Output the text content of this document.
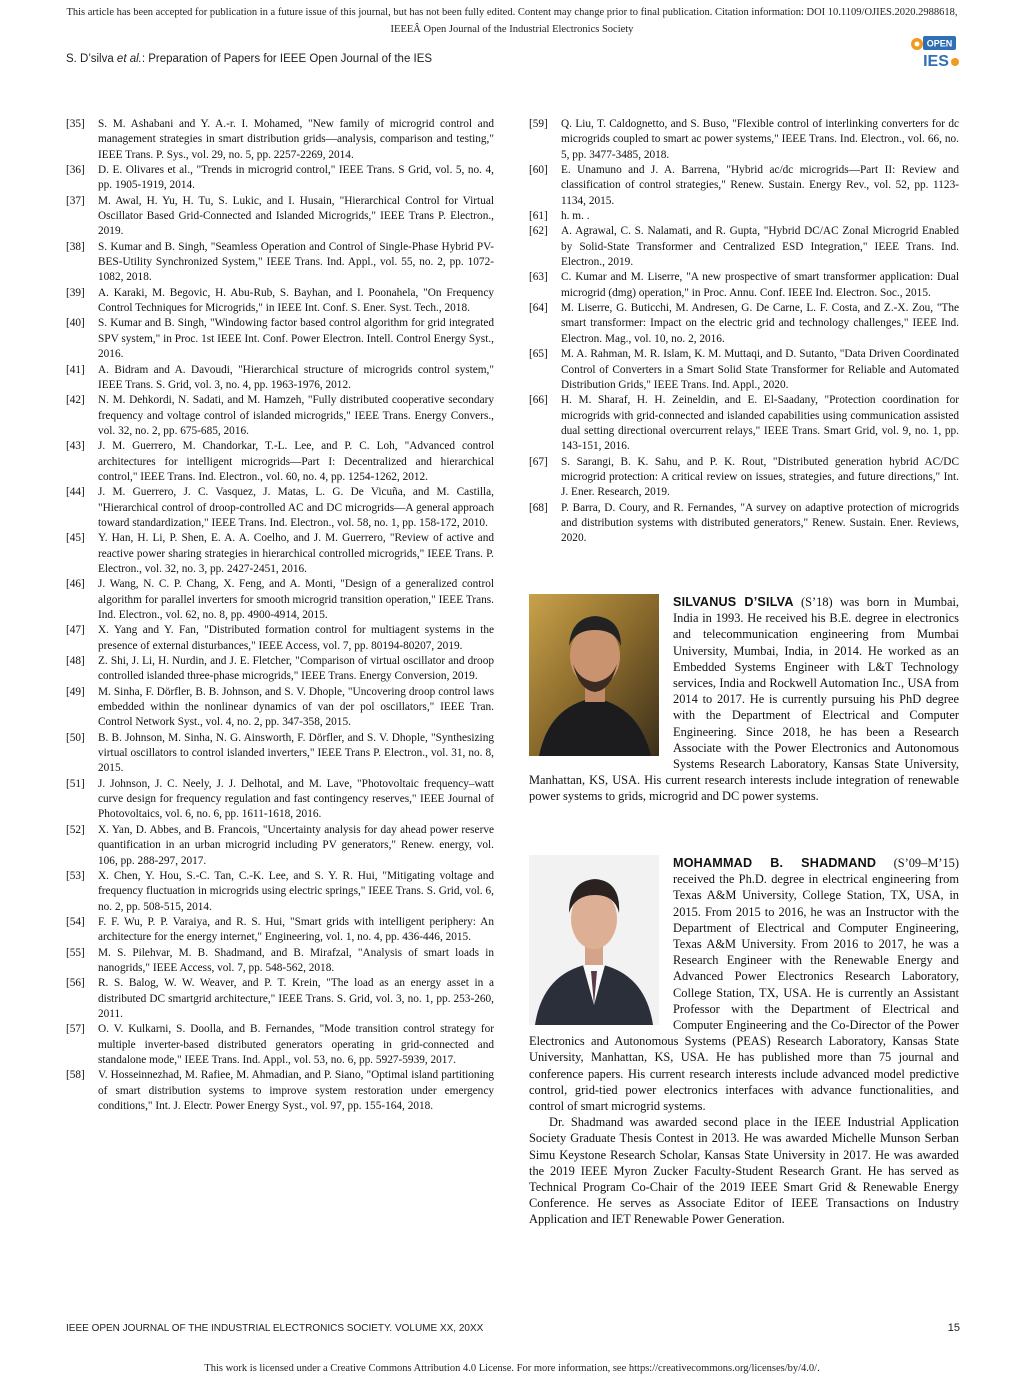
This article has been accepted for publication in a future issue of this journal, but has not been fully edited. Content may change prior to final publication. Citation information: DOI 10.1109/OJIES.2020.2988618,
IEEEÂ Open Journal of the Industrial Electronics Society
S. D’silva et al.: Preparation of Papers for IEEE Open Journal of the IES
OPEN
IES
[35]	S. M. Ashabani and Y. A.-r. I. Mohamed, "New family of microgrid control and management strategies in smart distribution grids—analysis, comparison and testing," IEEE Trans. P. Sys., vol. 29, no. 5, pp. 2257-2269, 2014.
[36]	D. E. Olivares et al., "Trends in microgrid control," IEEE Trans. S Grid, vol. 5, no. 4, pp. 1905-1919, 2014.
[37]	M. Awal, H. Yu, H. Tu, S. Lukic, and I. Husain, "Hierarchical Control for Virtual Oscillator Based Grid-Connected and Islanded Microgrids," IEEE Trans P. Electron., 2019.
[38]	S. Kumar and B. Singh, "Seamless Operation and Control of Single-Phase Hybrid PV-BES-Utility Synchronized System," IEEE Trans. Ind. Appl., vol. 55, no. 2, pp. 1072-1082, 2018.
[39]	A. Karaki, M. Begovic, H. Abu-Rub, S. Bayhan, and I. Poonahela, "On Frequency Control Techniques for Microgrids," in IEEE Int. Conf. S. Ener. Syst. Tech., 2018.
[40]	S. Kumar and B. Singh, "Windowing factor based control algorithm for grid integrated SPV system," in Proc. 1st IEEE Int. Conf. Power Electron. Intell. Control Energy Syst., 2016.
[41]	A. Bidram and A. Davoudi, "Hierarchical structure of microgrids control system," IEEE Trans. S. Grid, vol. 3, no. 4, pp. 1963-1976, 2012.
[42]	N. M. Dehkordi, N. Sadati, and M. Hamzeh, "Fully distributed cooperative secondary frequency and voltage control of islanded microgrids," IEEE Trans. Energy Convers., vol. 32, no. 2, pp. 675-685, 2016.
[43]	J. M. Guerrero, M. Chandorkar, T.-L. Lee, and P. C. Loh, "Advanced control architectures for intelligent microgrids—Part I: Decentralized and hierarchical control," IEEE Trans. Ind. Electron., vol. 60, no. 4, pp. 1254-1262, 2012.
[44]	J. M. Guerrero, J. C. Vasquez, J. Matas, L. G. De Vicuña, and M. Castilla, "Hierarchical control of droop-controlled AC and DC microgrids—A general approach toward standardization," IEEE Trans. Ind. Electron., vol. 58, no. 1, pp. 158-172, 2010.
[45]	Y. Han, H. Li, P. Shen, E. A. A. Coelho, and J. M. Guerrero, "Review of active and reactive power sharing strategies in hierarchical controlled microgrids," IEEE Trans. P. Electron., vol. 32, no. 3, pp. 2427-2451, 2016.
[46]	J. Wang, N. C. P. Chang, X. Feng, and A. Monti, "Design of a generalized control algorithm for parallel inverters for smooth microgrid transition operation," IEEE Trans. Ind. Electron., vol. 62, no. 8, pp. 4900-4914, 2015.
[47]	X. Yang and Y. Fan, "Distributed formation control for multiagent systems in the presence of external disturbances," IEEE Access, vol. 7, pp. 80194-80207, 2019.
[48]	Z. Shi, J. Li, H. Nurdin, and J. E. Fletcher, "Comparison of virtual oscillator and droop controlled islanded three-phase microgrids," IEEE Trans. Energy Conversion, 2019.
[49]	M. Sinha, F. Dörfler, B. B. Johnson, and S. V. Dhople, "Uncovering droop control laws embedded within the nonlinear dynamics of van der pol oscillators," IEEE Tran. Control Network Syst., vol. 4, no. 2, pp. 347-358, 2015.
[50]	B. B. Johnson, M. Sinha, N. G. Ainsworth, F. Dörfler, and S. V. Dhople, "Synthesizing virtual oscillators to control islanded inverters," IEEE Trans P. Electron., vol. 31, no. 8, 2015.
[51]	J. Johnson, J. C. Neely, J. J. Delhotal, and M. Lave, "Photovoltaic frequency–watt curve design for frequency regulation and fast contingency reserves," IEEE Journal of Photovoltaics, vol. 6, no. 6, pp. 1611-1618, 2016.
[52]	X. Yan, D. Abbes, and B. Francois, "Uncertainty analysis for day ahead power reserve quantification in an urban microgrid including PV generators," Renew. energy, vol. 106, pp. 288-297, 2017.
[53]	X. Chen, Y. Hou, S.-C. Tan, C.-K. Lee, and S. Y. R. Hui, "Mitigating voltage and frequency fluctuation in microgrids using electric springs," IEEE Trans. S. Grid, vol. 6, no. 2, pp. 508-515, 2014.
[54]	F. F. Wu, P. P. Varaiya, and R. S. Hui, "Smart grids with intelligent periphery: An architecture for the energy internet," Engineering, vol. 1, no. 4, pp. 436-446, 2015.
[55]	M. S. Pilehvar, M. B. Shadmand, and B. Mirafzal, "Analysis of smart loads in nanogrids," IEEE Access, vol. 7, pp. 548-562, 2018.
[56]	R. S. Balog, W. W. Weaver, and P. T. Krein, "The load as an energy asset in a distributed DC smartgrid architecture," IEEE Trans. S. Grid, vol. 3, no. 1, pp. 253-260, 2011.
[57]	O. V. Kulkarni, S. Doolla, and B. Fernandes, "Mode transition control strategy for multiple inverter-based distributed generators operating in grid-connected and standalone mode," IEEE Trans. Ind. Appl., vol. 53, no. 6, pp. 5927-5939, 2017.
[58]	V. Hosseinnezhad, M. Rafiee, M. Ahmadian, and P. Siano, "Optimal island partitioning of smart distribution systems to improve system restoration under emergency conditions," Int. J. Electr. Power Energy Syst., vol. 97, pp. 155-164, 2018.
[59]	Q. Liu, T. Caldognetto, and S. Buso, "Flexible control of interlinking converters for dc microgrids coupled to smart ac power systems," IEEE Trans. Ind. Electron., vol. 66, no. 5, pp. 3477-3485, 2018.
[60]	E. Unamuno and J. A. Barrena, "Hybrid ac/dc microgrids—Part II: Review and classification of control strategies," Renew. Sustain. Energy Rev., vol. 52, pp. 1123-1134, 2015.
[61]	h. m. .
[62]	A. Agrawal, C. S. Nalamati, and R. Gupta, "Hybrid DC/AC Zonal Microgrid Enabled by Solid-State Transformer and Centralized ESD Integration," IEEE Trans. Ind. Electron., 2019.
[63]	C. Kumar and M. Liserre, "A new prospective of smart transformer application: Dual microgrid (dmg) operation," in Proc. Annu. Conf. IEEE Ind. Electron. Soc., 2015.
[64]	M. Liserre, G. Buticchi, M. Andresen, G. De Carne, L. F. Costa, and Z.-X. Zou, "The smart transformer: Impact on the electric grid and technology challenges," IEEE Ind. Electron. Mag., vol. 10, no. 2, 2016.
[65]	M. A. Rahman, M. R. Islam, K. M. Muttaqi, and D. Sutanto, "Data Driven Coordinated Control of Converters in a Smart Solid State Transformer for Reliable and Automated Distribution Grids," IEEE Trans. Ind. Appl., 2020.
[66]	H. M. Sharaf, H. H. Zeineldin, and E. El-Saadany, "Protection coordination for microgrids with grid-connected and islanded capabilities using communication assisted dual setting directional overcurrent relays," IEEE Trans. Smart Grid, vol. 9, no. 1, pp. 143-151, 2016.
[67]	S. Sarangi, B. K. Sahu, and P. K. Rout, "Distributed generation hybrid AC/DC microgrid protection: A critical review on issues, strategies, and future directions," Int. J. Ener. Research, 2019.
[68]	P. Barra, D. Coury, and R. Fernandes, "A survey on adaptive protection of microgrids and distribution systems with distributed generators," Renew. Sustain. Ener. Reviews, 2020.

SILVANUS D’SILVA (S’18) was born in Mumbai, India in 1993. He received his B.E. degree in electronics and telecommunication engineering from Mumbai University, Mumbai, India, in 2014. He worked as an Embedded Systems Engineer with L&T Technology services, India and Rockwell Automation Inc., USA from 2014 to 2017. He is currently pursuing his PhD degree with the Department of Electrical and Computer Engineering. Since 2018, he has been a Research Associate with the Power Electronics and Autonomous Systems Research Laboratory, Kansas State University, Manhattan, KS, USA. His current research interests include integration of renewable power systems to grids, microgrid and DC power systems.

MOHAMMAD B. SHADMAND (S’09–M’15) received the Ph.D. degree in electrical engineering from Texas A&M University, College Station, TX, USA, in 2015. From 2015 to 2016, he was an Instructor with the Department of Electrical and Computer Engineering, Texas A&M University. From 2016 to 2017, he was a Research Engineer with the Renewable Energy and Advanced Power Electronics Research Laboratory, College Station, TX, USA. He is currently an Assistant Professor with the Department of Electrical and Computer Engineering and the Co-Director of the Power Electronics and Autonomous Systems (PEAS) Research Laboratory, Kansas State University, Manhattan, KS, USA. He has published more than 75 journal and conference papers. His current research interests include advanced model predictive control, grid-tied power electronics interfaces with advance functionalities, and control of smart microgrid systems.

Dr. Shadmand was awarded second place in the IEEE Industrial Application Society Graduate Thesis Contest in 2013. He was awarded Michelle Munson Serban Simu Keystone Research Scholar, Kansas State University in 2017. He was awarded the 2019 IEEE Myron Zucker Faculty-Student Research Grant. He has served as Technical Program Co-Chair of the 2019 IEEE Smart Grid & Renewable Energy Conference. He serves as Associate Editor of IEEE Transactions on Industry Application and IET Renewable Power Generation.

IEEE OPEN JOURNAL OF THE INDUSTRIAL ELECTRONICS SOCIETY. VOLUME XX, 20XX	15
This work is licensed under a Creative Commons Attribution 4.0 License. For more information, see https://creativecommons.org/licenses/by/4.0/.
